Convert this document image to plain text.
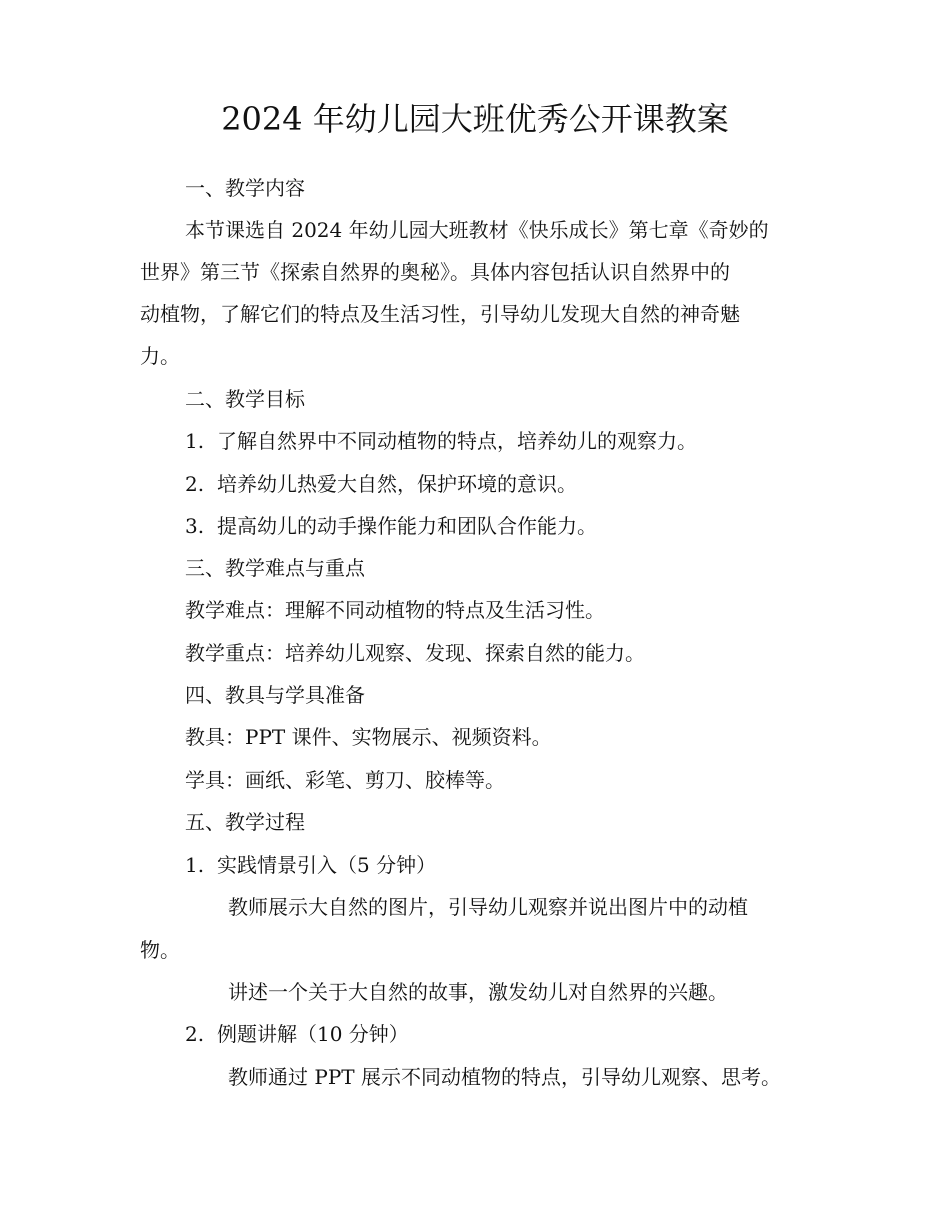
2024 年幼儿园大班优秀公开课教案
一、教学内容
本节课选自 2024 年幼儿园大班教材《快乐成长》第七章《奇妙的
世界》第三节《探索自然界的奥秘》。具体内容包括认识自然界中的
动植物，了解它们的特点及生活习性，引导幼儿发现大自然的神奇魅
力。
二、教学目标
1. 了解自然界中不同动植物的特点，培养幼儿的观察力。
2. 培养幼儿热爱大自然，保护环境的意识。
3. 提高幼儿的动手操作能力和团队合作能力。
三、教学难点与重点
教学难点：理解不同动植物的特点及生活习性。
教学重点：培养幼儿观察、发现、探索自然的能力。
四、教具与学具准备
教具：PPT 课件、实物展示、视频资料。
学具：画纸、彩笔、剪刀、胶棒等。
五、教学过程
1. 实践情景引入（5 分钟）
教师展示大自然的图片，引导幼儿观察并说出图片中的动植
物。
讲述一个关于大自然的故事，激发幼儿对自然界的兴趣。
2. 例题讲解（10 分钟）
教师通过 PPT 展示不同动植物的特点，引导幼儿观察、思考。
